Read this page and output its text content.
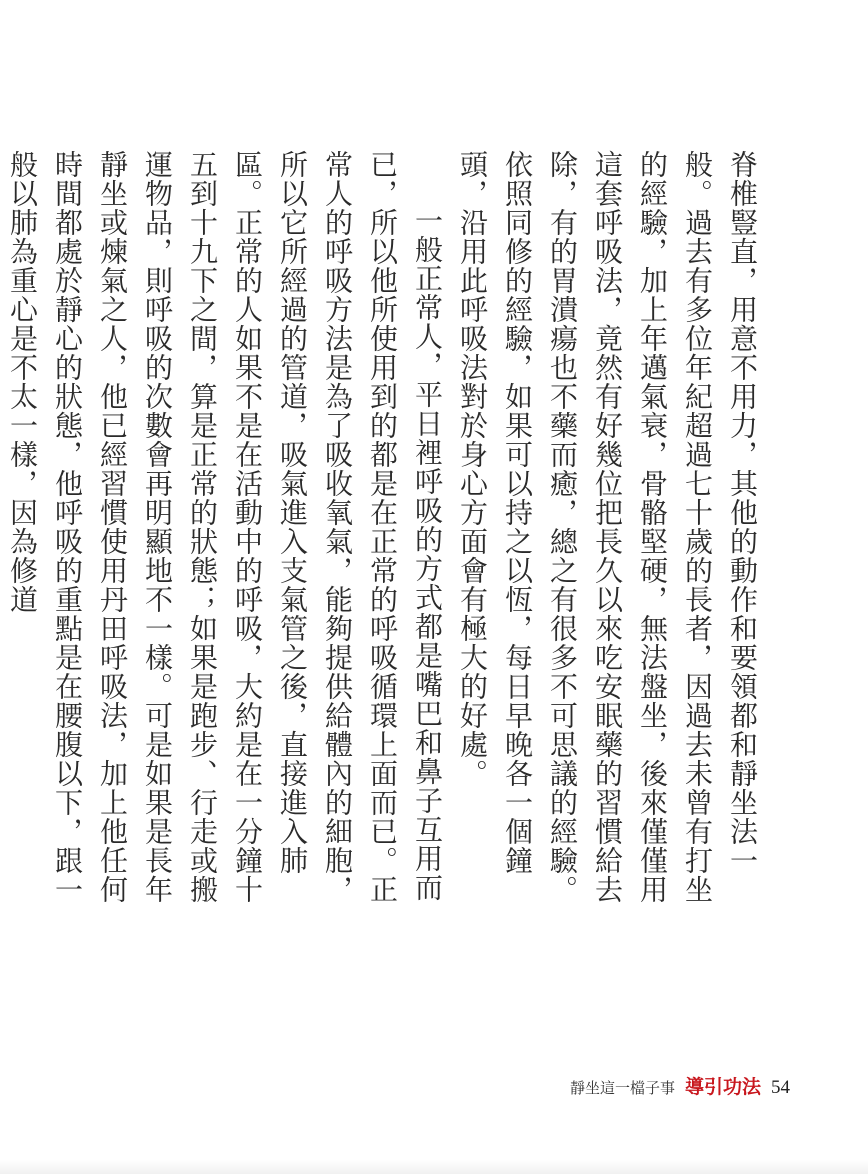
脊椎豎直，用意不用力，其他的動作和要領都和靜坐法一般。過去有多位年紀超過七十歲的長者，因過去未曾有打坐的經驗，加上年邁氣衰，骨骼堅硬，無法盤坐，後來僅僅用這套呼吸法，竟然有好幾位把長久以來吃安眠藥的習慣給去除，有的胃潰瘍也不藥而癒，總之有很多不可思議的經驗。依照同修的經驗，如果可以持之以恆，每日早晚各一個鐘頭，沿用此呼吸法對於身心方面會有極大的好處。

一般正常人，平日裡呼吸的方式都是嘴巴和鼻子互用而已，所以他所使用到的都是在正常的呼吸循環上面而已。正常人的呼吸方法是為了吸收氧氣，能夠提供給體內的細胞，所以它所經過的管道，吸氣進入支氣管之後，直接進入肺區。正常的人如果不是在活動中的呼吸，大約是在一分鐘十五到十九下之間，算是正常的狀態；如果是跑步、行走或搬運物品，則呼吸的次數會再明顯地不一樣。可是如果是長年靜坐或煉氣之人，他已經習慣使用丹田呼吸法，加上他任何時間都處於靜心的狀態，他呼吸的重點是在腰腹以下，跟一般以肺為重心是不太一樣，因為修道

靜坐這一檔子事 導引功法 54
